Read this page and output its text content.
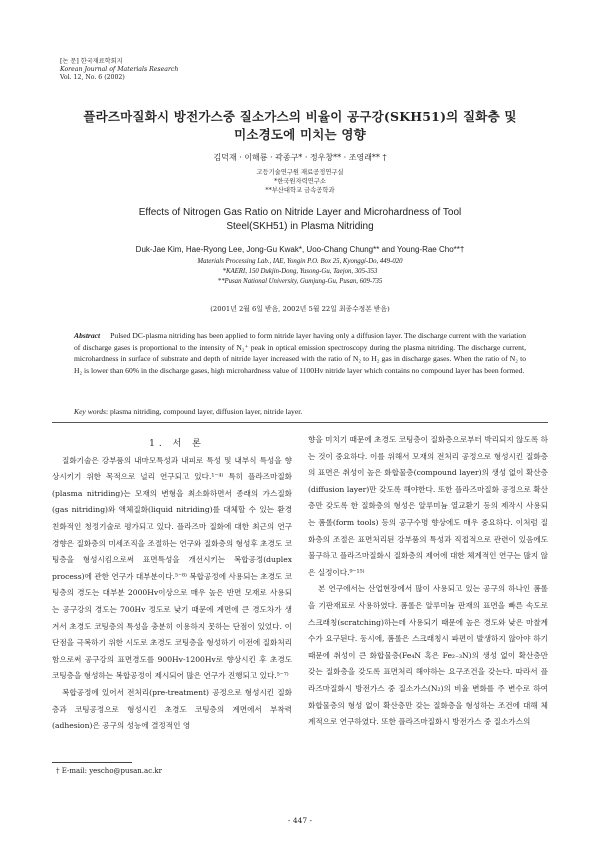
[논 문] 한국재료학회지
Korean Journal of Materials Research
Vol. 12, No. 6 (2002)
플라즈마질화시 방전가스중 질소가스의 비율이 공구강(SKH51)의 질화층 및
미소경도에 미치는 영향
김덕재 · 이해룡 · 곽종구* · 정우창** · 조영래** †
고등기술연구원 재료공정연구실
*한국원자력연구소
**부산대학교 금속공학과
Effects of Nitrogen Gas Ratio on Nitride Layer and Microhardness of Tool
Steel(SKH51) in Plasma Nitriding
Duk-Jae Kim, Hae-Ryong Lee, Jong-Gu Kwak*, Uoo-Chang Chung** and Young-Rae Cho**†
Materials Processing Lab., IAE, Yongin P.O. Box 25, Kyonggi-Do, 449-020
*KAERI, 150 Dukjin-Dong, Yusong-Gu, Taejon, 305-353
**Pusan National University, Gumjung-Gu, Pusan, 609-735
(2001년 2월 6일 받음, 2002년 5월 22일 최종수정본 받음)
Abstract Pulsed DC-plasma nitriding has been applied to form nitride layer having only a diffusion layer. The discharge current with the variation of discharge gases is proportional to the intensity of N₂⁺ peak in optical emission spectroscopy during the plasma nitriding. The discharge current, microhardness in surface of substrate and depth of nitride layer increased with the ratio of N₂ to H₂ gas in discharge gases. When the ratio of N₂ to H₂ is lower than 60% in the discharge gases, high microhardness value of 1100Hv nitride layer which contains no compound layer has been formed.
Key words: plasma nitriding, compound layer, diffusion layer, nitride layer.

1. 서 론

질화기술은 강부품의 내마모특성과 내피로 특성 및 내부식 특성을 향상시키기 위한 목적으로 널리 연구되고 있다.¹⁻⁴⁾ 특히 플라즈마질화(plasma nitriding)는 모재의 변형을 최소화하면서 종래의 가스질화(gas nitriding)와 액체질화(liquid nitriding)를 대체할 수 있는 환경친화적인 청정기술로 평가되고 있다. 플라즈마 질화에 대한 최근의 연구경향은 질화층의 미세조직을 조절하는 연구와 질화층의 형성후 초경도 코팅층을 형성시킴으로써 표면특성을 개선시키는 복합공정(duplex process)에 관한 연구가 대부분이다.⁵⁻⁸⁾ 복합공정에 사용되는 초경도 코팅층의 경도는 대부분 2000Hv이상으로 매우 높은 반면 모재로 사용되는 공구강의 경도는 700Hv 정도로 낮기 때문에 계면에 큰 경도차가 생겨서 초경도 코팅층의 특성을 충분히 이용하지 못하는 단점이 있었다. 이 단점을 극복하기 위한 시도로 초경도 코팅층을 형성하기 이전에 질화처리 함으로써 공구강의 표면경도를 900Hv-1200Hv로 향상시킨 후 초경도 코팅층을 형성하는 복합공정이 제시되어 많은 연구가 진행되고 있다.⁵⁻⁷⁾

복합공정에 있어서 전처리(pre-treatment) 공정으로 형성시킨 질화층과 코팅공정으로 형성시킨 초경도 코팅층의 계면에서 부착력(adhesion)은 공구의 성능에 결정적인 영

향을 미치기 때문에 초경도 코팅층이 질화층으로부터 박리되지 않도록 하는 것이 중요하다. 이를 위해서 모재의 전처리 공정으로 형성시킨 질화층의 표면은 취성이 높은 화합물층(compound layer)의 생성 없이 확산층(diffusion layer)만 갖도록 해야한다. 또한 플라즈마질화 공정으로 확산층만 갖도록 한 질화층의 형성은 알루미늄 열교환기 등의 제작시 사용되는 폼롤(form tools) 등의 공구수명 향상에도 매우 중요하다. 이처럼 질화층의 조절은 표면처리된 강부품의 특성과 직접적으로 관련이 있음에도 불구하고 플라즈마질화시 질화층의 제어에 대한 체계적인 연구는 많지 않은 실정이다.⁹⁻¹⁵⁾

본 연구에서는 산업현장에서 많이 사용되고 있는 공구의 하나인 폼롤을 기판재료로 사용하였다. 폼롤은 알루미늄 판재의 표면을 빠른 속도로 스크래칭(scratching)하는데 사용되기 때문에 높은 경도와 낮은 마찰계수가 요구된다. 동시에, 폼롤은 스크래칭시 파편이 발생하지 않아야 하기 때문에 취성이 큰 화합물층(Fe₄N 혹은 Fe₂₋₃N)의 생성 없이 확산층만 갖는 질화층을 갖도록 표면처리 해야하는 요구조건을 갖는다. 따라서 플라즈마질화시 방전가스 중 질소가스(N₂)의 비율 변화를 주 변수로 하여 화합물층의 형성 없이 확산층만 갖는 질화층을 형성하는 조건에 대해 체계적으로 연구하였다. 또한 플라즈마질화시 방전가스 중 질소가스의

† E-mail: yescho@pusan.ac.kr
- 447 -
